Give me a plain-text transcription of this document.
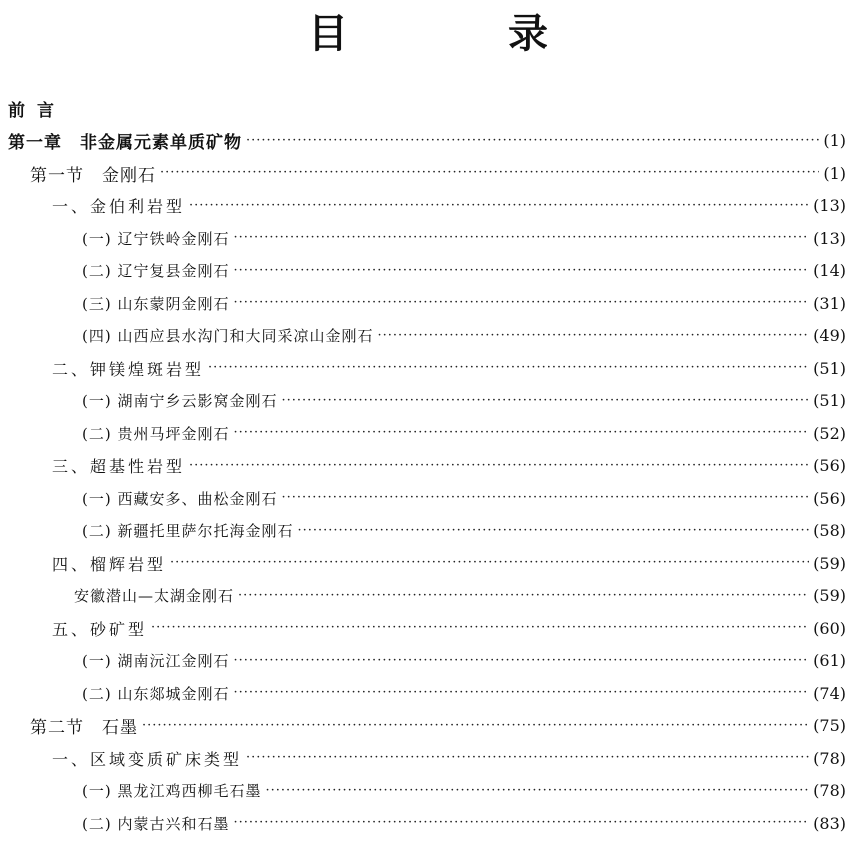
目　录
前言
第一章　非金属元素单质矿物 ·····	(1)
第一节　金刚石 ·····	(1)
一、金伯利岩型 ·····	(13)
(一) 辽宁铁岭金刚石 ·····	(13)
(二) 辽宁复县金刚石 ·····	(14)
(三) 山东蒙阴金刚石 ·····	(31)
(四) 山西应县水沟门和大同采凉山金刚石 ·····	(49)
二、钾镁煌斑岩型 ·····	(51)
(一) 湖南宁乡云影窝金刚石 ·····	(51)
(二) 贵州马坪金刚石 ·····	(52)
三、超基性岩型 ·····	(56)
(一) 西藏安多、曲松金刚石 ·····	(56)
(二) 新疆托里萨尔托海金刚石 ·····	(58)
四、榴辉岩型 ·····	(59)
安徽潜山—太湖金刚石 ·····	(59)
五、砂矿型 ·····	(60)
(一) 湖南沅江金刚石 ·····	(61)
(二) 山东郯城金刚石 ·····	(74)
第二节　石墨 ·····	(75)
一、区域变质矿床类型 ·····	(78)
(一) 黑龙江鸡西柳毛石墨 ·····	(78)
(二) 内蒙古兴和石墨 ·····	(83)
